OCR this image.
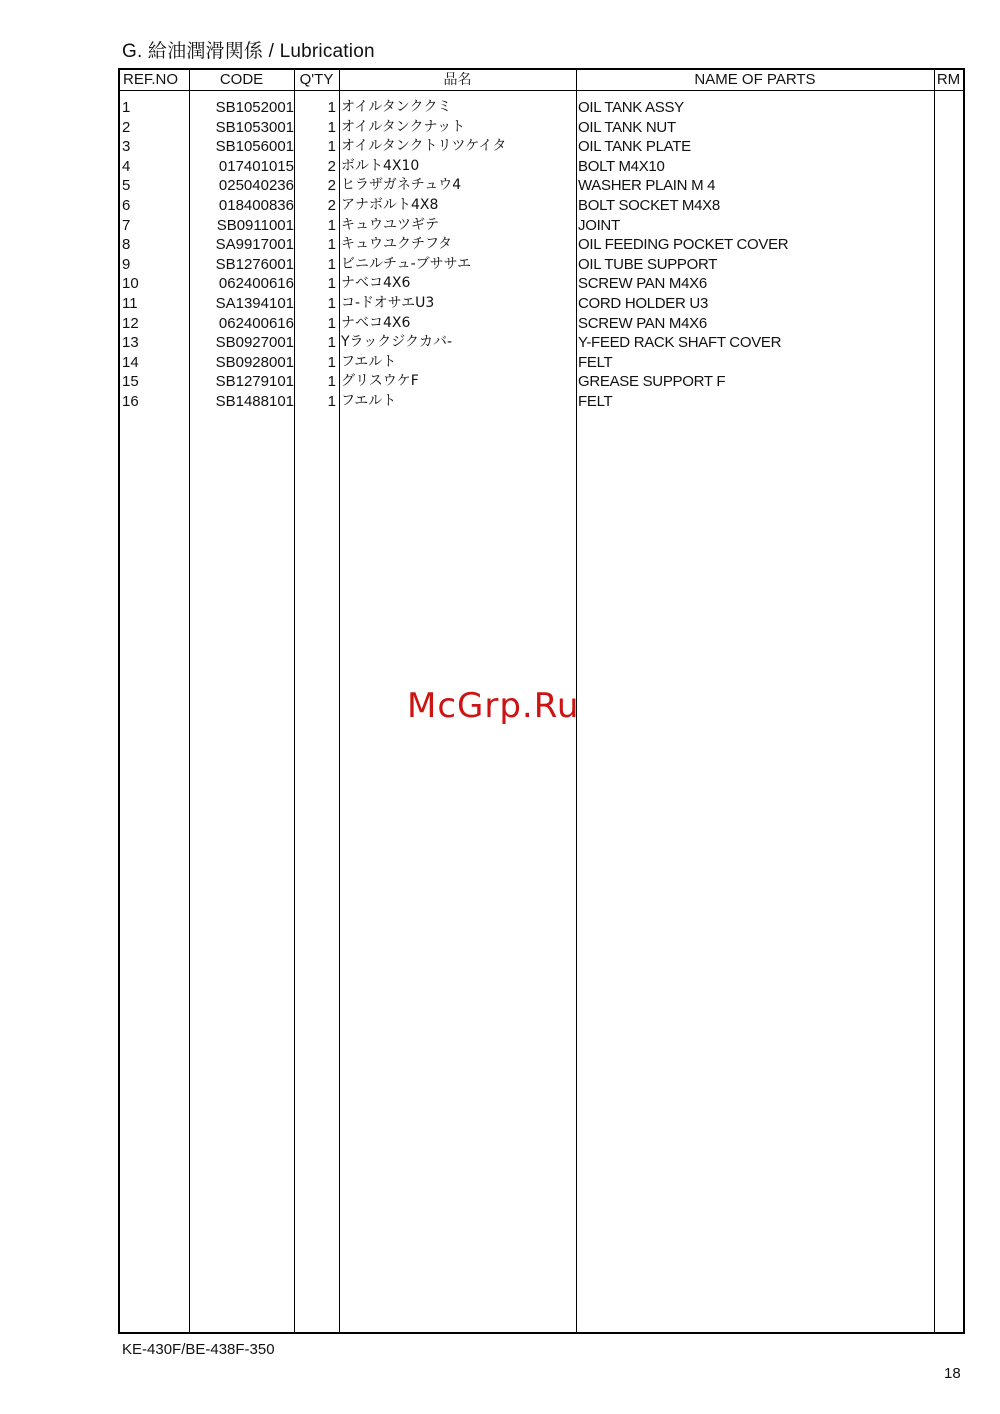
G. 給油潤滑関係 / Lubrication
REF.NO	CODE	Q'TY	品名	NAME OF PARTS	RM
1	SB1052001	1 オイルタンククミ	OIL TANK ASSY
2	SB1053001	1 オイルタンクナット	OIL TANK NUT
3	SB1056001	1 オイルタンクトリツケイタ	OIL TANK PLATE
4	017401015	2 ボルト4X10	BOLT M4X10
5	025040236	2 ヒラザガネチュウ4	WASHER PLAIN M 4
6	018400836	2 アナボルト4X8	BOLT SOCKET M4X8
7	SB0911001	1 キュウユツギテ	JOINT
8	SA9917001	1 キュウユクチフタ	OIL FEEDING POCKET COVER
9	SB1276001	1 ビニルチュ-ブササエ	OIL TUBE SUPPORT
10	062400616	1 ナベコ4X6	SCREW PAN M4X6
11	SA1394101	1 コ-ドオサエU3	CORD HOLDER U3
12	062400616	1 ナベコ4X6	SCREW PAN M4X6
13	SB0927001	1 Yラックジクカバ-	Y-FEED RACK SHAFT COVER
14	SB0928001	1 フエルト	FELT
15	SB1279101	1 グリスウケF	GREASE SUPPORT F
16	SB1488101	1 フエルト	FELT
McGrp.Ru
KE-430F/BE-438F-350
18
